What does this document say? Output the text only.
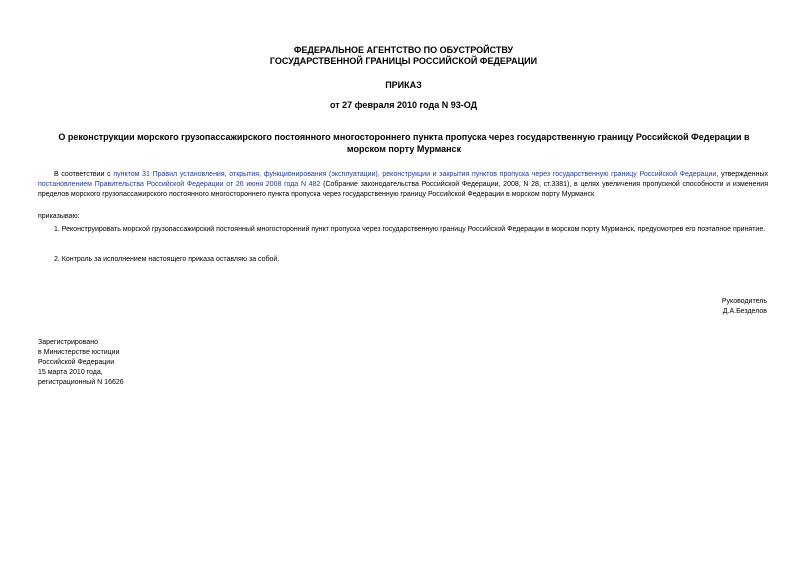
ФЕДЕРАЛЬНОЕ АГЕНТСТВО ПО ОБУСТРОЙСТВУ
ГОСУДАРСТВЕННОЙ ГРАНИЦЫ РОССИЙСКОЙ ФЕДЕРАЦИИ
ПРИКАЗ
от 27 февраля 2010 года N 93-ОД
О реконструкции морского грузопассажирского постоянного многостороннего пункта пропуска через государственную границу Российской Федерации в морском порту Мурманск
В соответствии с пунктом 31 Правил установления, открытия, функционирования (эксплуатации), реконструкции и закрытия пунктов пропуска через государственную границу Российской Федерации, утвержденных постановлением Правительства Российской Федерации от 26 июня 2008 года N 482 (Собрание законодательства Российской Федерации, 2008, N 28, ст.3381), в целях увеличения пропускной способности и изменения пределов морского грузопассажирского постоянного многостороннего пункта пропуска через государственную границу Российской Федерации в морском порту Мурманск
приказываю:
1. Реконструировать морской грузопассажирский постоянный многосторонний пункт пропуска через государственную границу Российской Федерации в морском порту Мурманск, предусмотрев его поэтапное принятие.
2. Контроль за исполнением настоящего приказа оставляю за собой.
Руководитель
Д.А.Безделов
Зарегистрировано
в Министерстве юстиции
Российской Федерации
15 марта 2010 года,
регистрационный N 16626
